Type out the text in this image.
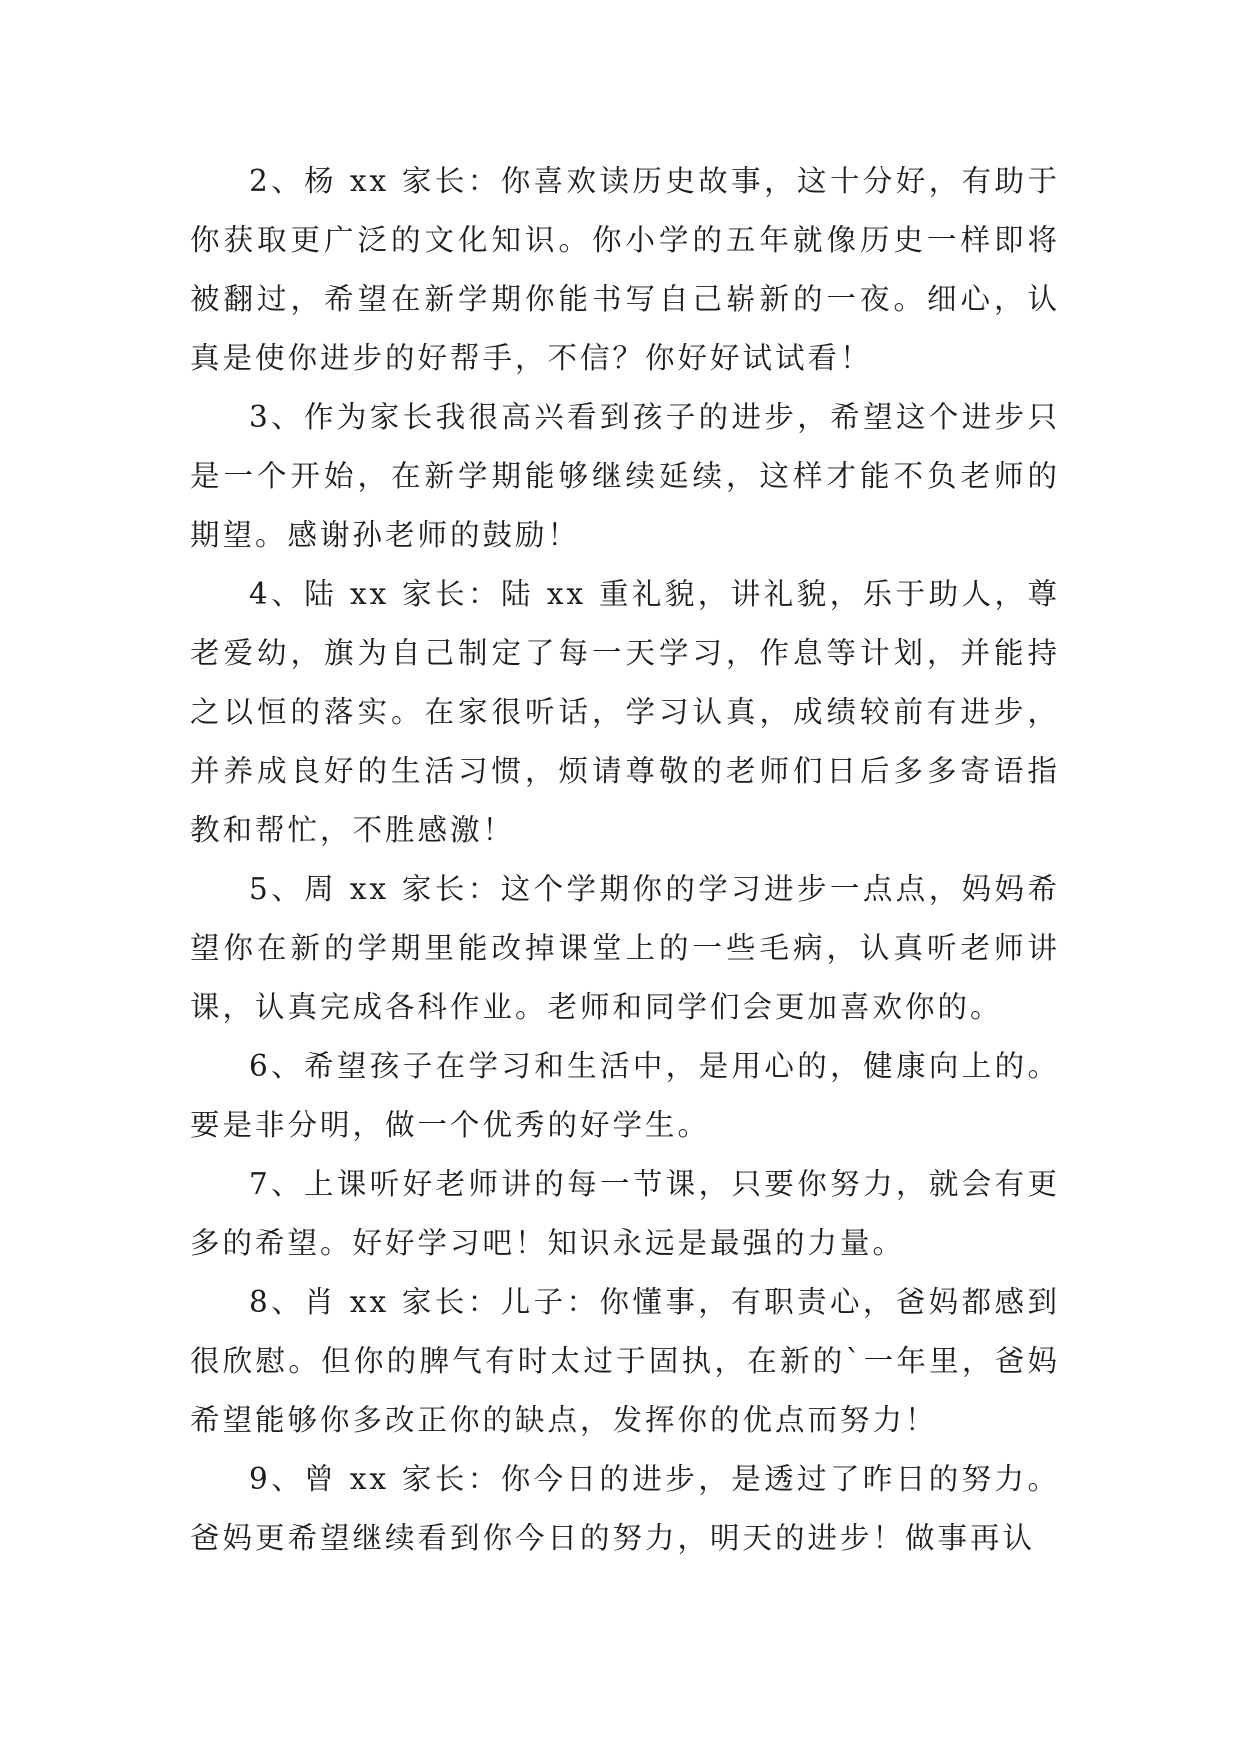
2、杨 xx 家长：你喜欢读历史故事，这十分好，有助于你获取更广泛的文化知识。你小学的五年就像历史一样即将被翻过，希望在新学期你能书写自己崭新的一夜。细心，认真是使你进步的好帮手，不信？你好好试试看！

3、作为家长我很高兴看到孩子的进步，希望这个进步只是一个开始，在新学期能够继续延续，这样才能不负老师的期望。感谢孙老师的鼓励！

4、陆 xx 家长：陆 xx 重礼貌，讲礼貌，乐于助人，尊老爱幼，旗为自己制定了每一天学习，作息等计划，并能持之以恒的落实。在家很听话，学习认真，成绩较前有进步，并养成良好的生活习惯，烦请尊敬的老师们日后多多寄语指教和帮忙，不胜感激！

5、周 xx 家长：这个学期你的学习进步一点点，妈妈希望你在新的学期里能改掉课堂上的一些毛病，认真听老师讲课，认真完成各科作业。老师和同学们会更加喜欢你的。

6、希望孩子在学习和生活中，是用心的，健康向上的。要是非分明，做一个优秀的好学生。

7、上课听好老师讲的每一节课，只要你努力，就会有更多的希望。好好学习吧！知识永远是最强的力量。

8、肖 xx 家长：儿子：你懂事，有职责心，爸妈都感到很欣慰。但你的脾气有时太过于固执，在新的`一年里，爸妈希望能够你多改正你的缺点，发挥你的优点而努力！

9、曾 xx 家长：你今日的进步，是透过了昨日的努力。爸妈更希望继续看到你今日的努力，明天的进步！做事再认
